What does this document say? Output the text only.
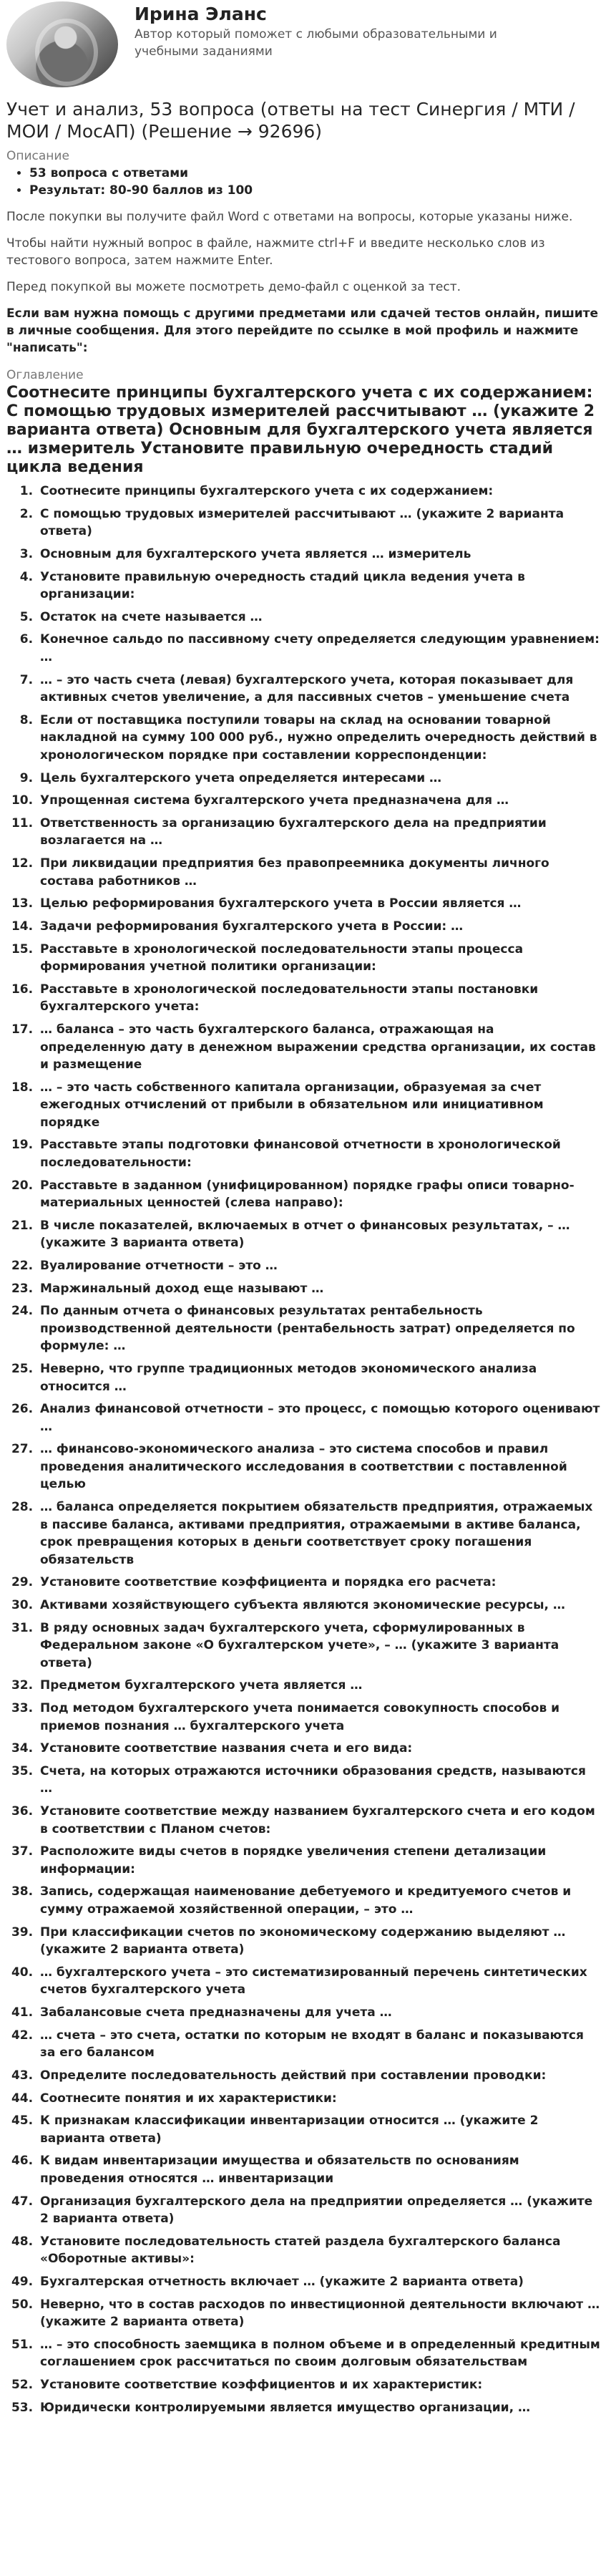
Ирина Эланс
Автор который поможет с любыми образовательными и учебными заданиями
Учет и анализ, 53 вопроса (ответы на тест Синергия / МТИ / МОИ / МосАП) (Решение → 92696)
Описание
• 53 вопроса с ответами
• Результат: 80-90 баллов из 100

После покупки вы получите файл Word с ответами на вопросы, которые указаны ниже.

Чтобы найти нужный вопрос в файле, нажмите ctrl+F и введите несколько слов из тестового вопроса, затем нажмите Enter.

Перед покупкой вы можете посмотреть демо-файл с оценкой за тест.

Если вам нужна помощь с другими предметами или сдачей тестов онлайн, пишите в личные сообщения. Для этого перейдите по ссылке в мой профиль и нажмите "написать":

Оглавление
Соотнесите принципы бухгалтерского учета с их содержанием: С помощью трудовых измерителей рассчитывают … (укажите 2 варианта ответа) Основным для бухгалтерского учета является … измеритель Установите правильную очередность стадий цикла ведения
1. Соотнесите принципы бухгалтерского учета с их содержанием:
2. С помощью трудовых измерителей рассчитывают … (укажите 2 варианта ответа)
3. Основным для бухгалтерского учета является … измеритель
4. Установите правильную очередность стадий цикла ведения учета в организации:
5. Остаток на счете называется …
6. Конечное сальдо по пассивному счету определяется следующим уравнением: …
7. … – это часть счета (левая) бухгалтерского учета, которая показывает для активных счетов увеличение, а для пассивных счетов – уменьшение счета
8. Если от поставщика поступили товары на склад на основании товарной накладной на сумму 100 000 руб., нужно определить очередность действий в хронологическом порядке при составлении корреспонденции:
9. Цель бухгалтерского учета определяется интересами …
10. Упрощенная система бухгалтерского учета предназначена для …
11. Ответственность за организацию бухгалтерского дела на предприятии возлагается на …
12. При ликвидации предприятия без правопреемника документы личного состава работников …
13. Целью реформирования бухгалтерского учета в России является …
14. Задачи реформирования бухгалтерского учета в России: …
15. Расставьте в хронологической последовательности этапы процесса формирования учетной политики организации:
16. Расставьте в хронологической последовательности этапы постановки бухгалтерского учета:
17. … баланса – это часть бухгалтерского баланса, отражающая на определенную дату в денежном выражении средства организации, их состав и размещение
18. … – это часть собственного капитала организации, образуемая за счет ежегодных отчислений от прибыли в обязательном или инициативном порядке
19. Расставьте этапы подготовки финансовой отчетности в хронологической последовательности:
20. Расставьте в заданном (унифицированном) порядке графы описи товарно-материальных ценностей (слева направо):
21. В числе показателей, включаемых в отчет о финансовых результатах, – … (укажите 3 варианта ответа)
22. Вуалирование отчетности – это …
23. Маржинальный доход еще называют …
24. По данным отчета о финансовых результатах рентабельность производственной деятельности (рентабельность затрат) определяется по формуле: …
25. Неверно, что группе традиционных методов экономического анализа относится …
26. Анализ финансовой отчетности – это процесс, с помощью которого оценивают …
27. … финансово-экономического анализа – это система способов и правил проведения аналитического исследования в соответствии с поставленной целью
28. … баланса определяется покрытием обязательств предприятия, отражаемых в пассиве баланса, активами предприятия, отражаемыми в активе баланса, срок превращения которых в деньги соответствует сроку погашения обязательств
29. Установите соответствие коэффициента и порядка его расчета:
30. Активами хозяйствующего субъекта являются экономические ресурсы, …
31. В ряду основных задач бухгалтерского учета, сформулированных в Федеральном законе «О бухгалтерском учете», – … (укажите 3 варианта ответа)
32. Предметом бухгалтерского учета является …
33. Под методом бухгалтерского учета понимается совокупность способов и приемов познания … бухгалтерского учета
34. Установите соответствие названия счета и его вида:
35. Счета, на которых отражаются источники образования средств, называются …
36. Установите соответствие между названием бухгалтерского счета и его кодом в соответствии с Планом счетов:
37. Расположите виды счетов в порядке увеличения степени детализации информации:
38. Запись, содержащая наименование дебетуемого и кредитуемого счетов и сумму отражаемой хозяйственной операции, – это …
39. При классификации счетов по экономическому содержанию выделяют … (укажите 2 варианта ответа)
40. … бухгалтерского учета – это систематизированный перечень синтетических счетов бухгалтерского учета
41. Забалансовые счета предназначены для учета …
42. … счета – это счета, остатки по которым не входят в баланс и показываются за его балансом
43. Определите последовательность действий при составлении проводки:
44. Соотнесите понятия и их характеристики:
45. К признакам классификации инвентаризации относится … (укажите 2 варианта ответа)
46. К видам инвентаризации имущества и обязательств по основаниям проведения относятся … инвентаризации
47. Организация бухгалтерского дела на предприятии определяется … (укажите 2 варианта ответа)
48. Установите последовательность статей раздела бухгалтерского баланса «Оборотные активы»:
49. Бухгалтерская отчетность включает … (укажите 2 варианта ответа)
50. Неверно, что в состав расходов по инвестиционной деятельности включают … (укажите 2 варианта ответа)
51. … – это способность заемщика в полном объеме и в определенный кредитным соглашением срок рассчитаться по своим долговым обязательствам
52. Установите соответствие коэффициентов и их характеристик:
53. Юридически контролируемыми является имущество организации, …
